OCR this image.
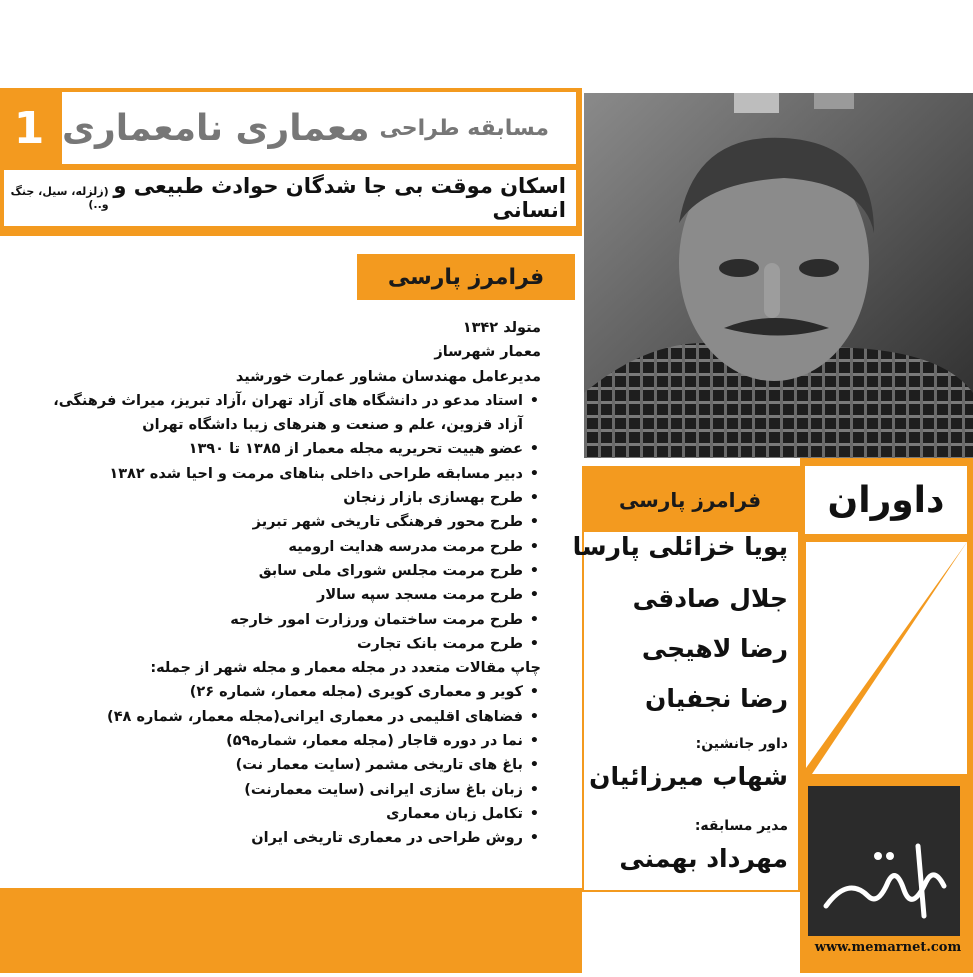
1	مسابقه طراحی
معماری نامعماری
اسکان موقت بی جا شدگان حوادث طبیعی و انسانی
(زلزله، سیل، جنگ و..)
فرامرز پارسی
متولد ۱۳۴۲
معمار شهرساز
مدیرعامل مهندسان مشاور عمارت خورشید
• استاد مدعو در دانشگاه های آزاد تهران ،آزاد تبریز، میراث فرهنگی،
آزاد قزوین، علم و صنعت و هنرهای زیبا داشگاه تهران
• عضو هییت تحریریه مجله معمار از ۱۳۸۵ تا ۱۳۹۰
• دبیر مسابقه طراحی داخلی بناهای مرمت و احیا شده ۱۳۸۲
• طرح بهسازی بازار زنجان
• طرح محور فرهنگی تاریخی شهر تبریز
• طرح مرمت مدرسه هدایت ارومیه
• طرح مرمت مجلس شورای ملی سابق
• طرح مرمت مسجد سپه سالار
• طرح مرمت ساختمان ورزارت امور خارجه
• طرح مرمت بانک تجارت
چاپ مقالات متعدد در مجله معمار و مجله شهر از جمله:
• کویر و معماری کویری (مجله معمار، شماره ۲۶)
• فضاهای اقلیمی در معماری ایرانی(مجله معمار، شماره ۴۸)
• نما در دوره قاجار (مجله معمار، شماره۵۹)
• باغ های تاریخی مشمر (سایت معمار نت)
• زبان باغ سازی ایرانی (سایت معمارنت)
• تکامل زبان معماری
• روش طراحی در معماری تاریخی ایران
فرامرز پارسی
پویا خزائلی پارسا
جلال صادقی
رضا لاهیجی
رضا نجفیان
داور جانشین:
شهاب میرزائیان
مدیر مسابقه:
مهرداد بهمنی
داوران
www.memarnet.com
